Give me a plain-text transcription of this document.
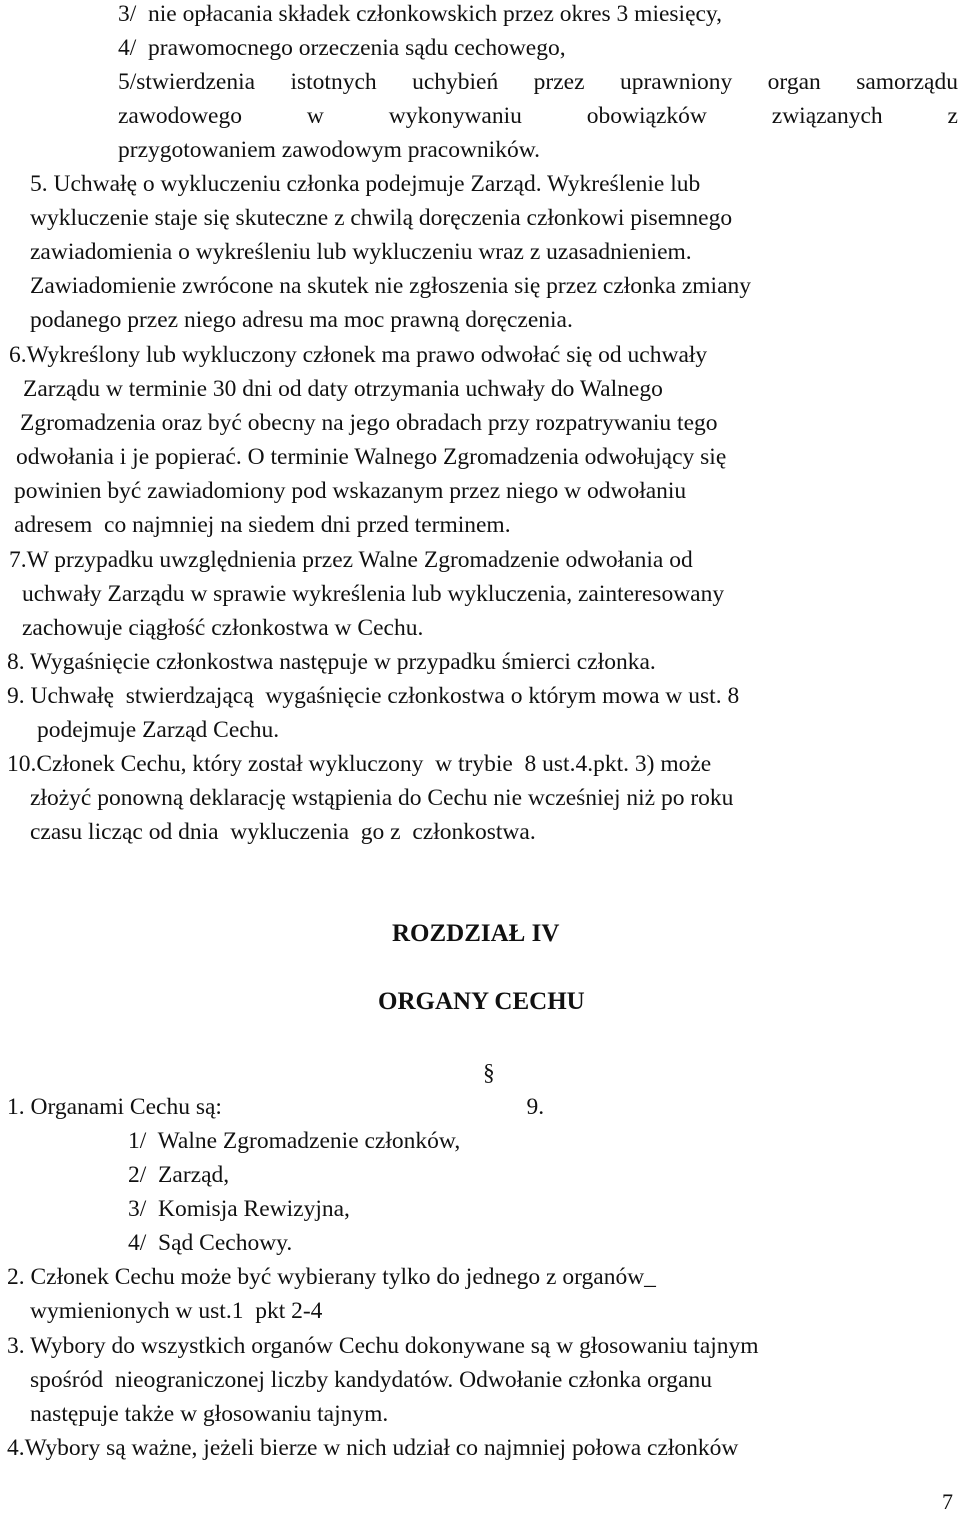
3/  nie opłacania składek członkowskich przez okres 3 miesięcy,
4/  prawomocnego orzeczenia sądu cechowego,
5/stwierdzenia istotnych uchybień przez uprawniony organ samorządu
zawodowego w wykonywaniu obowiązków związanych z
przygotowaniem zawodowym pracowników.
5. Uchwałę o wykluczeniu członka podejmuje Zarząd. Wykreślenie lub
wykluczenie staje się skuteczne z chwilą doręczenia członkowi pisemnego
zawiadomienia o wykreśleniu lub wykluczeniu wraz z uzasadnieniem.
Zawiadomienie zwrócone na skutek nie zgłoszenia się przez członka zmiany
podanego przez niego adresu ma moc prawną doręczenia.
6.Wykreślony lub wykluczony członek ma prawo odwołać się od uchwały
Zarządu w terminie 30 dni od daty otrzymania uchwały do Walnego
Zgromadzenia oraz być obecny na jego obradach przy rozpatrywaniu tego
odwołania i je popierać. O terminie Walnego Zgromadzenia odwołujący się
powinien być zawiadomiony pod wskazanym przez niego w odwołaniu
adresem  co najmniej na siedem dni przed terminem.
7.W przypadku uwzględnienia przez Walne Zgromadzenie odwołania od
uchwały Zarządu w sprawie wykreślenia lub wykluczenia, zainteresowany
zachowuje ciągłość członkostwa w Cechu.
8. Wygaśnięcie członkostwa następuje w przypadku śmierci członka.
9. Uchwałę  stwierdzającą  wygaśnięcie członkostwa o którym mowa w ust. 8
podejmuje Zarząd Cechu.
10.Członek Cechu, który został wykluczony  w trybie  8 ust.4.pkt. 3) może
złożyć ponowną deklarację wstąpienia do Cechu nie wcześniej niż po roku
czasu licząc od dnia  wykluczenia  go z  członkostwa.
ROZDZIAŁ IV
ORGANY CECHU

§
9.

1. Organami Cechu są:
1/  Walne Zgromadzenie członków,
2/  Zarząd,
3/  Komisja Rewizyjna,
4/  Sąd Cechowy.
2. Członek Cechu może być wybierany tylko do jednego z organów_
wymienionych w ust.1  pkt 2-4
3. Wybory do wszystkich organów Cechu dokonywane są w głosowaniu tajnym
spośród  nieograniczonej liczby kandydatów. Odwołanie członka organu
następuje także w głosowaniu tajnym.
4.Wybory są ważne, jeżeli bierze w nich udział co najmniej połowa członków
7
